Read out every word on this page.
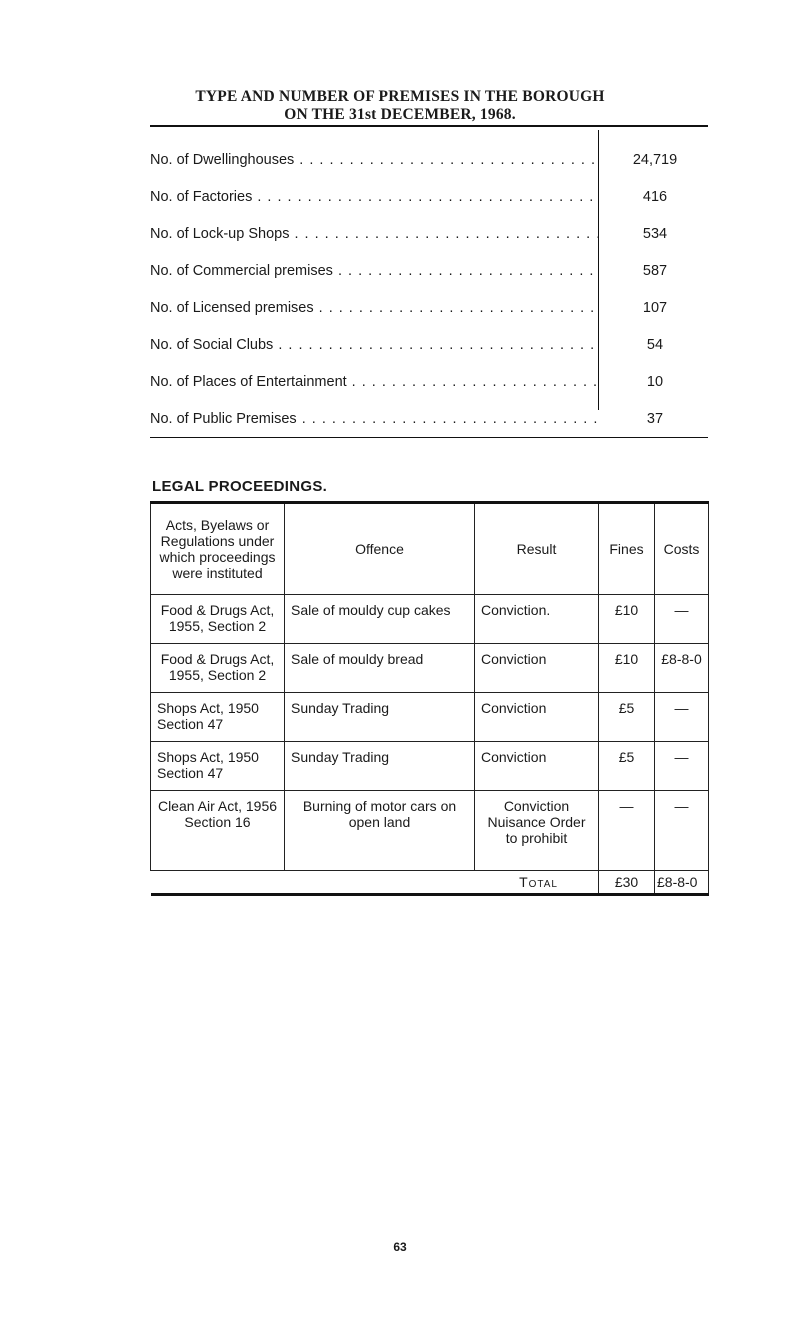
TYPE AND NUMBER OF PREMISES IN THE BOROUGH
ON THE 31st DECEMBER, 1968.
No. of Dwellinghouses . .	24,719
No. of Factories . .	416
No. of Lock-up Shops . .	534
No. of Commercial premises . .	587
No. of Licensed premises . .	107
No. of Social Clubs . .	54
No. of Places of Entertainment . .	10
No. of Public Premises . .	37
LEGAL PROCEEDINGS.
Acts, Byelaws or Regulations under which proceedings were instituted	Offence	Result	Fines	Costs
Food & Drugs Act, 1955, Section 2	Sale of mouldy cup cakes	Conviction.	£10	—
Food & Drugs Act, 1955, Section 2	Sale of mouldy bread	Conviction	£10	£8-8-0
Shops Act, 1950 Section 47	Sunday Trading	Conviction	£5	—
Shops Act, 1950 Section 47	Sunday Trading	Conviction	£5	—
Clean Air Act, 1956 Section 16	Burning of motor cars on open land	Conviction Nuisance Order to prohibit	—	—
	Total		£30	£8-8-0
63
